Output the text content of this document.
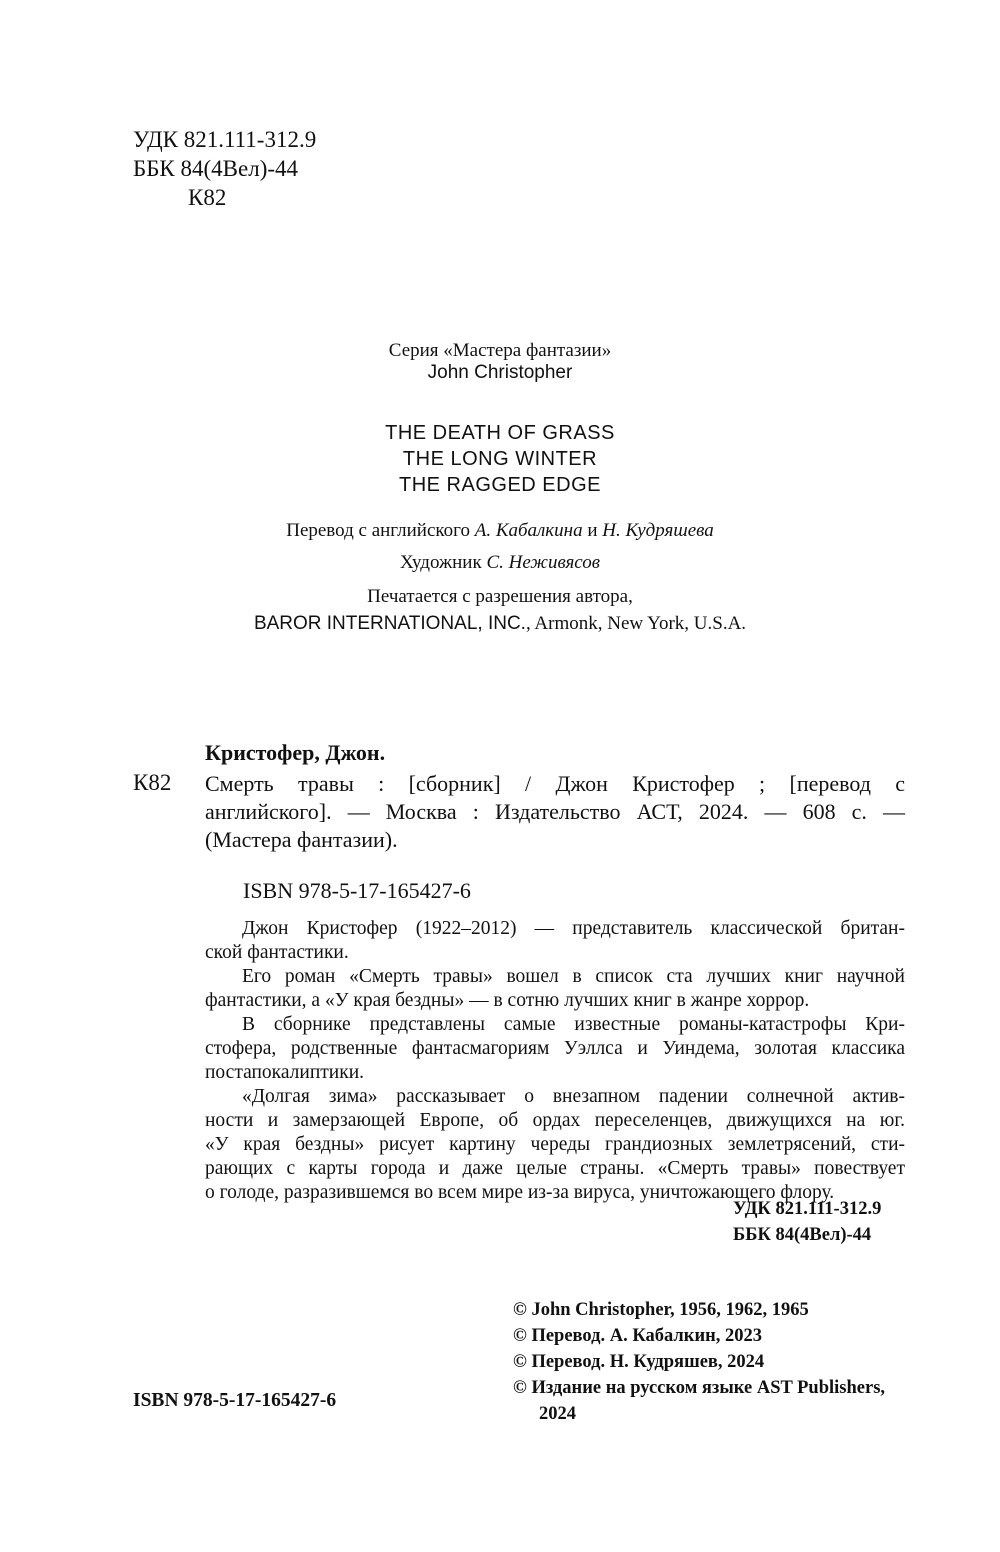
УДК 821.111-312.9
ББК 84(4Вел)-44
К82
Серия «Мастера фантазии»
John Christopher
THE DEATH OF GRASS
THE LONG WINTER
THE RAGGED EDGE
Перевод с английского А. Кабалкина и Н. Кудряшева
Художник С. Неживясов
Печатается с разрешения автора,
BAROR INTERNATIONAL, INC., Armonk, New York, U.S.A.
Кристофер, Джон.
К82 Смерть травы : [сборник] / Джон Кристофер ; [перевод с
английского]. — Москва : Издательство АСТ, 2024. — 608 с. —
(Мастера фантазии).
ISBN 978-5-17-165427-6
Джон Кристофер (1922–2012) — представитель классической британ-
ской фантастики.
Его роман «Смерть травы» вошел в список ста лучших книг научной
фантастики, а «У края бездны» — в сотню лучших книг в жанре хоррор.
В сборнике представлены самые известные романы-катастрофы Кри-
стофера, родственные фантасмагориям Уэллса и Уиндема, золотая классика
постапокалиптики.
«Долгая зима» рассказывает о внезапном падении солнечной актив-
ности и замерзающей Европе, об ордах переселенцев, движущихся на юг.
«У края бездны» рисует картину череды грандиозных землетрясений, сти-
рающих с карты города и даже целые страны. «Смерть травы» повествует
о голоде, разразившемся во всем мире из-за вируса, уничтожающего флору.
УДК 821.111-312.9
ББК 84(4Вел)-44
© John Christopher, 1956, 1962, 1965
© Перевод. А. Кабалкин, 2023
© Перевод. Н. Кудряшев, 2024
© Издание на русском языке AST Publishers,
2024
ISBN 978-5-17-165427-6
